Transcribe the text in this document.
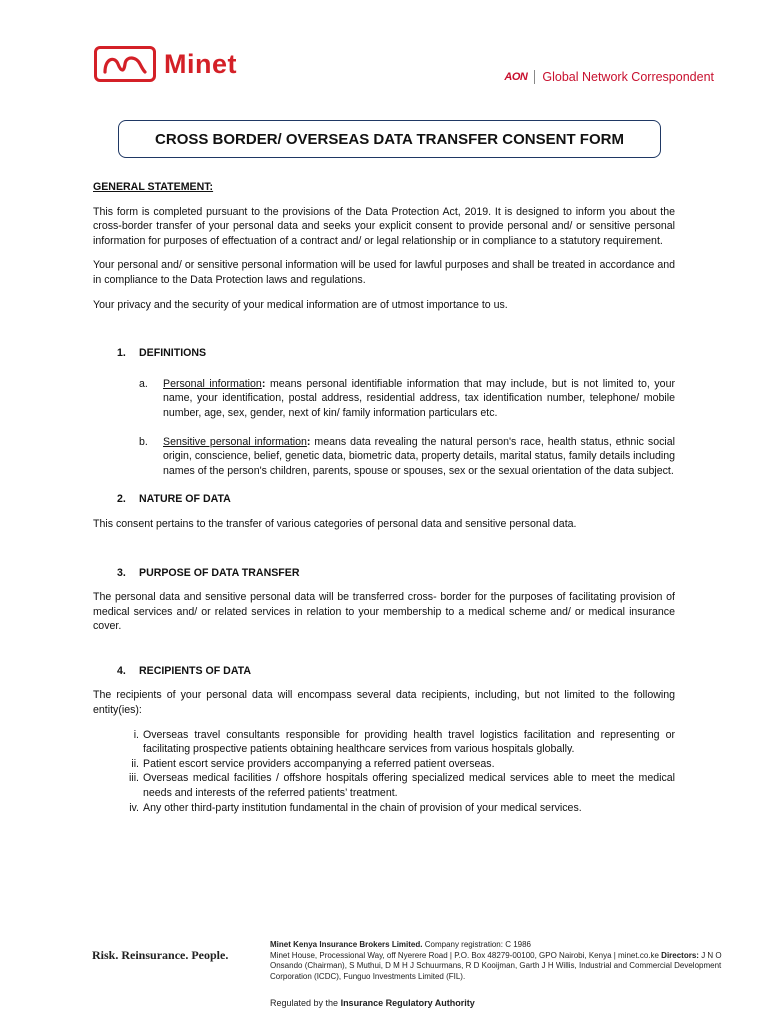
Minet	AON Global Network Correspondent
CROSS BORDER/ OVERSEAS DATA TRANSFER CONSENT FORM

GENERAL STATEMENT:

This form is completed pursuant to the provisions of the Data Protection Act, 2019. It is designed to inform you about the cross-border transfer of your personal data and seeks your explicit consent to provide personal and/ or sensitive personal information for purposes of effectuation of a contract and/ or legal relationship or in compliance to a statutory requirement.

Your personal and/ or sensitive personal information will be used for lawful purposes and shall be treated in accordance and in compliance to the Data Protection laws and regulations.

Your privacy and the security of your medical information are of utmost importance to us.

1.	DEFINITIONS
a.	Personal information: means personal identifiable information that may include, but is not limited to, your name, your identification, postal address, residential address, tax identification number, telephone/ mobile number, age, sex, gender, next of kin/ family information particulars etc.

b.	Sensitive personal information: means data revealing the natural person's race, health status, ethnic social origin, conscience, belief, genetic data, biometric data, property details, marital status, family details including names of the person's children, parents, spouse or spouses, sex or the sexual orientation of the data subject.

2.	NATURE OF DATA

This consent pertains to the transfer of various categories of personal data and sensitive personal data.

3.	PURPOSE OF DATA TRANSFER

The personal data and sensitive personal data will be transferred cross- border for the purposes of facilitating provision of medical services and/ or related services in relation to your membership to a medical scheme and/ or medical insurance cover.

4.	RECIPIENTS OF DATA

The recipients of your personal data will encompass several data recipients, including, but not limited to the following entity(ies):

i. Overseas travel consultants responsible for providing health travel logistics facilitation and representing or facilitating prospective patients obtaining healthcare services from various hospitals globally.

ii. Patient escort service providers accompanying a referred patient overseas.

iii. Overseas medical facilities / offshore hospitals offering specialized medical services able to meet the medical needs and interests of the referred patients’ treatment.

iv. Any other third-party institution fundamental in the chain of provision of your medical services.

Risk. Reinsurance. People.
Minet Kenya Insurance Brokers Limited. Company registration: C 1986
Minet House, Processional Way, off Nyerere Road | P.O. Box 48279-00100, GPO Nairobi, Kenya | minet.co.ke Directors: J N O Onsando (Chairman), S Muthui, D M H J Schuurmans, R D Kooijman, Garth J H Willis, Industrial and Commercial Development Corporation (ICDC), Funguo Investments Limited (FIL).
Regulated by the Insurance Regulatory Authority
